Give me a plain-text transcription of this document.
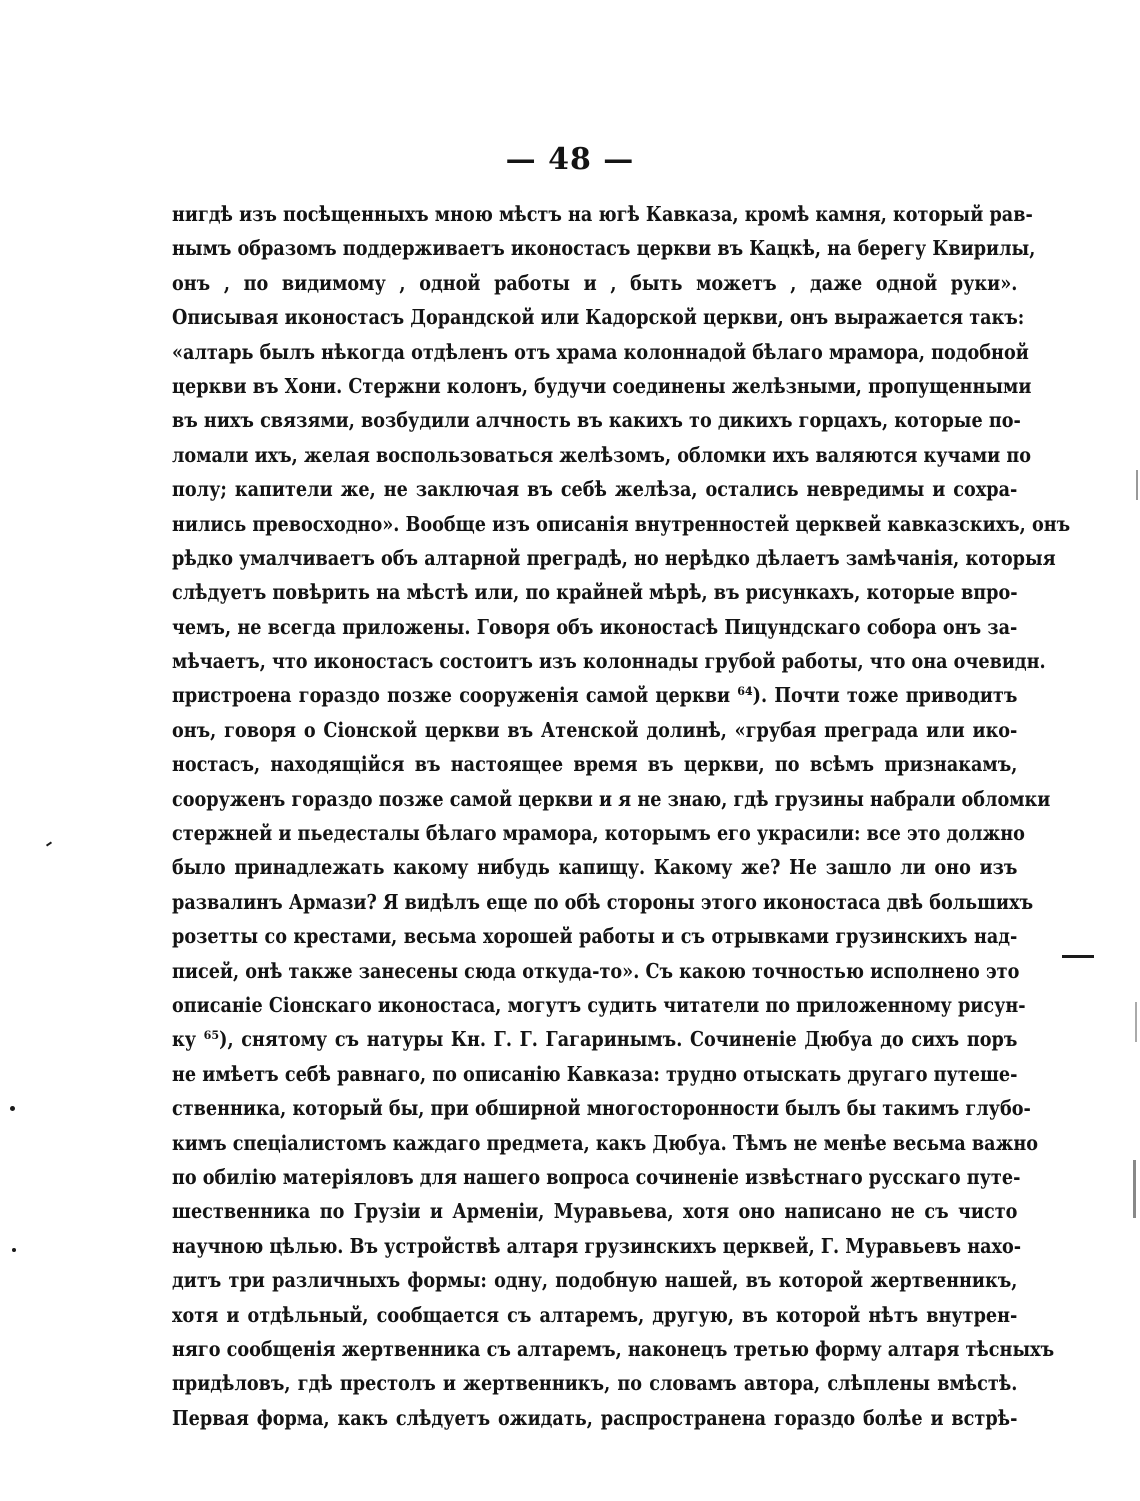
— 48 —
нигдѣ изъ посѣщенныхъ мною мѣстъ на югѣ Кавказа, кромѣ камня, который рав-
нымъ образомъ поддерживаетъ иконостасъ церкви въ Кацкѣ, на берегу Квирилы,
онъ , по видимому , одной работы и , быть можетъ , даже одной руки».
Описывая иконостасъ Дорандской или Кадорской церкви, онъ выражается такъ:
«алтарь былъ нѣкогда отдѣленъ отъ храма колоннадой бѣлаго мрамора, подобной
церкви въ Хони. Стержни колонъ, будучи соединены желѣзными, пропущенными
въ нихъ связями, возбудили алчность въ какихъ то дикихъ горцахъ, которые по-
ломали ихъ, желая воспользоваться желѣзомъ, обломки ихъ валяются кучами по
полу; капители же, не заключая въ себѣ желѣза, остались невредимы и сохра-
нились превосходно». Вообще изъ описанія внутренностей церквей кавказскихъ, онъ
рѣдко умалчиваетъ объ алтарной преградѣ, но нерѣдко дѣлаетъ замѣчанія, которыя
слѣдуетъ повѣрить на мѣстѣ или, по крайней мѣрѣ, въ рисункахъ, которые впро-
чемъ, не всегда приложены. Говоря объ иконостасѣ Пицундскаго собора онъ за-
мѣчаетъ, что иконостасъ состоитъ изъ колоннады грубой работы, что она очевидн.
пристроена гораздо позже сооруженія самой церкви ⁶⁴). Почти тоже приводитъ
онъ, говоря о Сіонской церкви въ Атенской долинѣ, «грубая преграда или ико-
ностасъ, находящійся въ настоящее время въ церкви, по всѣмъ признакамъ,
сооруженъ гораздо позже самой церкви и я не знаю, гдѣ грузины набрали обломки
стержней и пьедесталы бѣлаго мрамора, которымъ его украсили: все это должно
было принадлежать какому нибудь капищу. Какому же? Не зашло ли оно изъ
развалинъ Армази? Я видѣлъ еще по обѣ стороны этого иконостаса двѣ большихъ
розетты со крестами, весьма хорошей работы и съ отрывками грузинскихъ над-
писей, онѣ также занесены сюда откуда-то». Съ какою точностью исполнено это
описаніе Сіонскаго иконостаса, могутъ судить читатели по приложенному рисун-
ку ⁶⁵), снятому съ натуры Кн. Г. Г. Гагаринымъ. Сочиненіе Дюбуа до сихъ поръ
не имѣетъ себѣ равнаго, по описанію Кавказа: трудно отыскать другаго путеше-
ственника, который бы, при обширной многосторонности былъ бы такимъ глубо-
кимъ спеціалистомъ каждаго предмета, какъ Дюбуа. Тѣмъ не менѣе весьма важно
по обилію матеріяловъ для нашего вопроса сочиненіе извѣстнаго русскаго путе-
шественника по Грузіи и Арменіи, Муравьева, хотя оно написано не съ чисто
научною цѣлью. Въ устройствѣ алтаря грузинскихъ церквей, Г. Муравьевъ нахо-
дитъ три различныхъ формы: одну, подобную нашей, въ которой жертвенникъ,
хотя и отдѣльный, сообщается съ алтаремъ, другую, въ которой нѣтъ внутрен-
няго сообщенія жертвенника съ алтаремъ, наконецъ третью форму алтаря тѣсныхъ
придѣловъ, гдѣ престолъ и жертвенникъ, по словамъ автора, слѣплены вмѣстѣ.
Первая форма, какъ слѣдуетъ ожидать, распространена гораздо болѣе и встрѣ-
